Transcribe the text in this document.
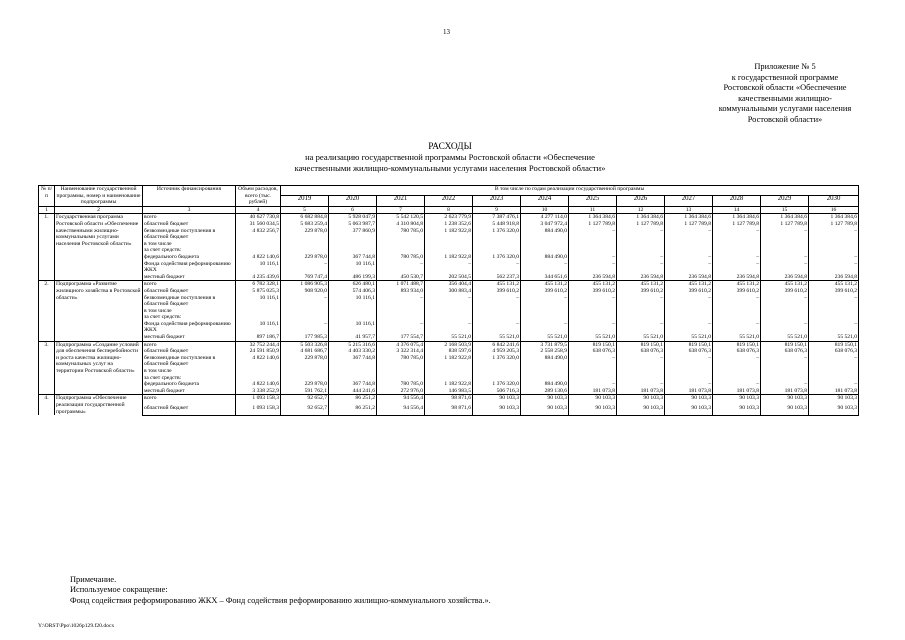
13
Приложение № 5
к государственной программе
Ростовской области «Обеспечение
качественными жилищно-
коммунальными услугами населения
Ростовской области»
РАСХОДЫ
на реализацию государственной программы Ростовской области «Обеспечение
качественными жилищно-коммунальными услугами населения Ростовской области»
№ п/п	Наименование государственной программы, номер и наименование подпрограммы	Источник финансирования	Объем расходов, всего (тыс. рублей)	В том числе по годам реализации государственной программы											
				2019	2020	2021	2022	2023	2024	2025	2026	2027	2028	2029	2030
1	2	3	4	5	6	7	8	9	10	11	12	13	14	15	16
1.	Государственная программа Ростовской области «Обеспечение качественными жилищно-коммунальными услугами населения Ростовской области»	всего	40 627 730,8	6 682 884,8	5 928 047,9	5 542 120,5	2 623 779,9	7 387 476,1	4 277 114,0	1 364 384,6	1 364 384,6	1 364 384,6	1 364 384,6	1 364 384,6	1 364 384,6
		областной бюджет	31 560 034,5	5 683 259,4	5 063 987,7	4 310 804,8	1 238 352,6	5 448 918,8	3 047 972,4	1 127 789,8	1 127 789,8	1 127 789,8	1 127 789,8	1 127 789,8	1 127 789,8
		безвозмездные поступления в областной бюджет	4 832 256,7	229 878,0	377 860,9	780 785,0	1 182 922,8	1 376 320,0	884 490,0	–	–	–	–	–	–
		в том числе													
		за счет средств:													
		федерального бюджета	4 822 140,6	229 878,0	367 744,8	780 785,0	1 182 922,8	1 376 320,0	884 490,0	–	–	–	–	–	–
		Фонда содействия реформированию ЖКХ	10 116,1	–	10 116,1	–	–	–	–	–	–	–	–	–	–
		местный бюджет	4 235 439,6	769 747,4	486 199,3	450 530,7	202 504,5	562 237,3	344 651,6	236 594,8	236 594,8	236 594,8	236 594,8	236 594,8	236 594,8
2.	Подпрограмма «Развитие жилищного хозяйства в Ростовской области»	всего	6 782 328,1	1 086 905,3	626 480,1	1 071 488,7	356 404,4	455 131,2	455 131,2	455 131,2	455 131,2	455 131,2	455 131,2	455 131,2	455 131,2
		областной бюджет	5 875 025,3	908 920,0	574 406,3	893 934,0	300 883,4	399 610,2	399 610,2	399 610,2	399 610,2	399 610,2	399 610,2	399 610,2	399 610,2
		безвозмездные поступления в областной бюджет	10 116,1	–	10 116,1	–	–	–	–	–	–	–	–	–	–
		в том числе													
		за счет средств:													
		Фонда содействия реформированию ЖКХ	10 116,1	–	10 116,1	–	–	–	–	–	–	–	–	–	–
		местный бюджет	897 186,7	177 985,3	41 957,7	177 554,7	55 521,0	55 521,0	55 521,0	55 521,0	55 521,0	55 521,0	55 521,0	55 521,0	55 521,0
3.	Подпрограмма «Создание условий для обеспечения бесперебойности и роста качества жилищно-коммунальных услуг на территории Ростовской области»	всего	32 752 244,4	5 503 326,8	5 215 316,6	4 376 075,4	2 168 503,9	6 842 241,6	3 731 879,5	819 150,1	819 150,1	819 150,1	819 150,1	819 150,1	819 150,1
		областной бюджет	24 591 850,9	4 681 686,7	4 403 330,2	3 322 314,4	838 597,6	4 959 205,3	2 558 258,9	638 076,3	638 076,3	638 076,3	638 076,3	638 076,3	638 076,3
		безвозмездные поступления в областной бюджет	4 822 140,6	229 878,0	367 744,8	780 785,0	1 182 922,8	1 376 320,0	884 490,0	–	–	–	–	–	–
		в том числе													
		за счет средств:													
		федерального бюджета	4 822 140,6	229 878,0	367 744,8	780 785,0	1 182 922,8	1 376 320,0	884 490,0	–	–	–	–	–	–
		местный бюджет	3 338 252,9	591 762,1	444 241,6	272 976,0	146 983,5	506 716,3	289 130,6	181 073,8	181 073,8	181 073,8	181 073,8	181 073,8	181 073,8
4.	Подпрограмма «Обеспечение реализации государственной программы»	всего	1 093 158,3	92 652,7	86 251,2	94 556,4	98 871,6	90 103,3	90 103,3	90 103,3	90 103,3	90 103,3	90 103,3	90 103,3	90 103,3
		областной бюджет	1 093 158,3	92 652,7	86 251,2	94 556,4	98 871,6	90 103,3	90 103,3	90 103,3	90 103,3	90 103,3	90 103,3	90 103,3	90 103,3

Примечание.
Используемое сокращение:
Фонд содействия реформированию ЖКХ – Фонд содействия реформированию жилищно-коммунального хозяйства.».
Y:\ORST\Ppo\1026p129.f20.docx
